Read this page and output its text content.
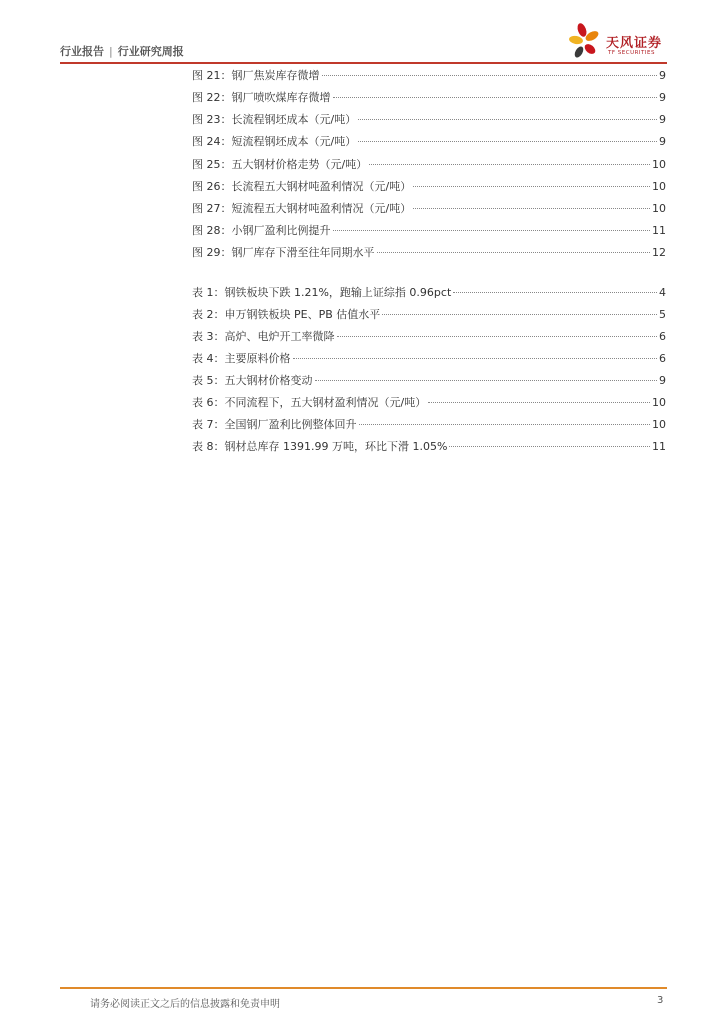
行业报告 | 行业研究周报
天风证券
TF SECURITIES
图 21：钢厂焦炭库存微增	9
图 22：钢厂喷吹煤库存微增	9
图 23：长流程钢坯成本（元/吨）	9
图 24：短流程钢坯成本（元/吨）	9
图 25：五大钢材价格走势（元/吨）	10
图 26：长流程五大钢材吨盈利情况（元/吨）	10
图 27：短流程五大钢材吨盈利情况（元/吨）	10
图 28：小钢厂盈利比例提升	11
图 29：钢厂库存下滑至往年同期水平	12
表 1：钢铁板块下跌 1.21%，跑输上证综指 0.96pct	4
表 2：申万钢铁板块 PE、PB 估值水平	5
表 3：高炉、电炉开工率微降	6
表 4：主要原料价格	6
表 5：五大钢材价格变动	9
表 6：不同流程下，五大钢材盈利情况（元/吨）	10
表 7：全国钢厂盈利比例整体回升	10
表 8：钢材总库存 1391.99 万吨，环比下滑 1.05%	11
请务必阅读正文之后的信息披露和免责申明	3
